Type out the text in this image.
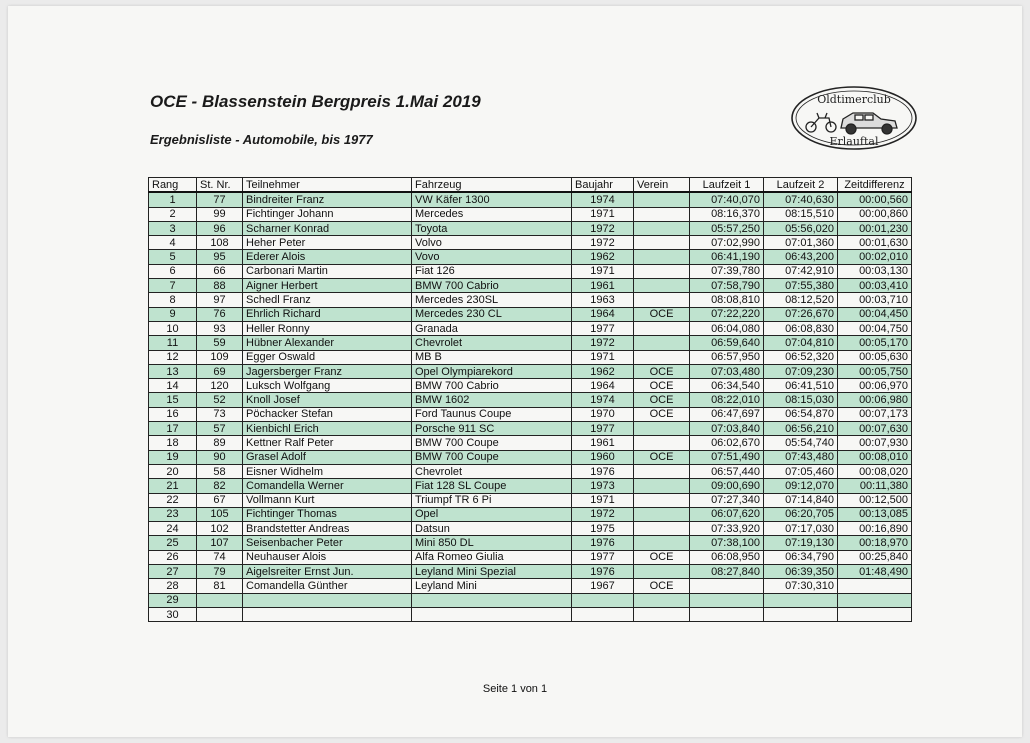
OCE - Blassenstein Bergpreis 1.Mai 2019
Ergebnisliste - Automobile, bis 1977
Oldtimerclub
Erlauftal
Rang	St. Nr.	Teilnehmer	Fahrzeug	Baujahr	Verein	Laufzeit 1	Laufzeit 2	Zeitdifferenz
1	77	Bindreiter Franz	VW Käfer 1300	1974		07:40,070	07:40,630	00:00,560
2	99	Fichtinger Johann	Mercedes	1971		08:16,370	08:15,510	00:00,860
3	96	Scharner Konrad	Toyota	1972		05:57,250	05:56,020	00:01,230
4	108	Heher Peter	Volvo	1972		07:02,990	07:01,360	00:01,630
5	95	Ederer Alois	Vovo	1962		06:41,190	06:43,200	00:02,010
6	66	Carbonari Martin	Fiat 126	1971		07:39,780	07:42,910	00:03,130
7	88	Aigner Herbert	BMW 700 Cabrio	1961		07:58,790	07:55,380	00:03,410
8	97	Schedl Franz	Mercedes 230SL	1963		08:08,810	08:12,520	00:03,710
9	76	Ehrlich Richard	Mercedes 230 CL	1964	OCE	07:22,220	07:26,670	00:04,450
10	93	Heller Ronny	Granada	1977		06:04,080	06:08,830	00:04,750
11	59	Hübner Alexander	Chevrolet	1972		06:59,640	07:04,810	00:05,170
12	109	Egger Oswald	MB B	1971		06:57,950	06:52,320	00:05,630
13	69	Jagersberger Franz	Opel Olympiarekord	1962	OCE	07:03,480	07:09,230	00:05,750
14	120	Luksch Wolfgang	BMW 700 Cabrio	1964	OCE	06:34,540	06:41,510	00:06,970
15	52	Knoll Josef	BMW 1602	1974	OCE	08:22,010	08:15,030	00:06,980
16	73	Pöchacker Stefan	Ford Taunus Coupe	1970	OCE	06:47,697	06:54,870	00:07,173
17	57	Kienbichl Erich	Porsche 911 SC	1977		07:03,840	06:56,210	00:07,630
18	89	Kettner Ralf Peter	BMW 700 Coupe	1961		06:02,670	05:54,740	00:07,930
19	90	Grasel Adolf	BMW 700 Coupe	1960	OCE	07:51,490	07:43,480	00:08,010
20	58	Eisner Widhelm	Chevrolet	1976		06:57,440	07:05,460	00:08,020
21	82	Comandella Werner	Fiat 128 SL Coupe	1973		09:00,690	09:12,070	00:11,380
22	67	Vollmann Kurt	Triumpf TR 6 Pi	1971		07:27,340	07:14,840	00:12,500
23	105	Fichtinger Thomas	Opel	1972		06:07,620	06:20,705	00:13,085
24	102	Brandstetter Andreas	Datsun	1975		07:33,920	07:17,030	00:16,890
25	107	Seisenbacher Peter	Mini 850 DL	1976		07:38,100	07:19,130	00:18,970
26	74	Neuhauser Alois	Alfa Romeo Giulia	1977	OCE	06:08,950	06:34,790	00:25,840
27	79	Aigelsreiter Ernst Jun.	Leyland Mini Spezial	1976		08:27,840	06:39,350	01:48,490
28	81	Comandella Günther	Leyland Mini	1967	OCE		07:30,310	
29								
30								
Seite 1 von 1
